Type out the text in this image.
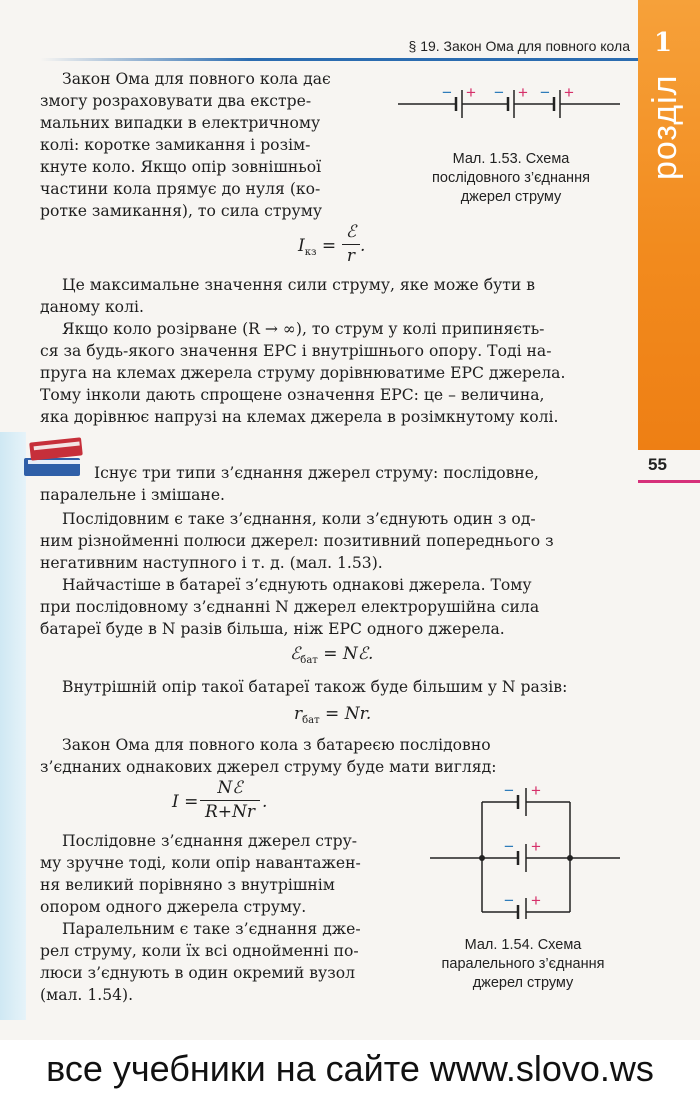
§ 19. Закон Ома для повного кола 1
розділ
55
Закон Ома для повного кола дає
змогу розраховувати два екстре-
мальних випадки в електричному
колі: коротке замикання і розім-
кнуте коло. Якщо опір зовнішньої
частини кола прямує до нуля (ко-
ротке замикання), то сила струму
− + − + − +
Мал. 1.53. Схема
послідовного з’єднання
джерел струму
$I_{кз}$ =
ℰ
r .
Це максимальне значення сили струму, яке може бути в
даному колі.
Якщо коло розірване (R → ∞), то струм у колі припиняєть-
ся за будь-якого значення ЕРС і внутрішнього опору. Тоді на-
пруга на клемах джерела струму дорівнюватиме ЕРС джерела.
Тому інколи дають спрощене означення ЕРС: це – величина,
яка дорівнює напрузі на клемах джерела в розімкнутому колі.
Існує три типи з’єднання джерел струму: послідовне,
паралельне і змішане.
Послідовним є таке з’єднання, коли з’єднують один з од-
ним різнойменні полюси джерел: позитивний попереднього з
негативним наступного і т. д. (мал. 1.53).
Найчастіше в батареї з’єднують однакові джерела. Тому
при послідовному з’єднанні N джерел електрорушійна сила
батареї буде в N разів більша, ніж ЕРС одного джерела.
ℰ$_{бат}$ = Nℰ.
Внутрішній опір такої батареї також буде більшим у N разів:
$r_{бат} = Nr$.
Закон Ома для повного кола з батареєю послідовно
з’єднаних однакових джерел струму буде мати вигляд:
I =
Nℰ
R+Nr .
Послідовне з’єднання джерел стру-
му зручне тоді, коли опір навантажен-
ня великий порівняно з внутрішнім
опором одного джерела струму.
Паралельним є таке з’єднання дже-
рел струму, коли їх всі однойменні по-
люси з’єднують в один окремий вузол
(мал. 1.54).
− +
− +
− +
Мал. 1.54. Схема
паралельного з’єднання
джерел струму
все учебники на сайте www.slovo.ws
